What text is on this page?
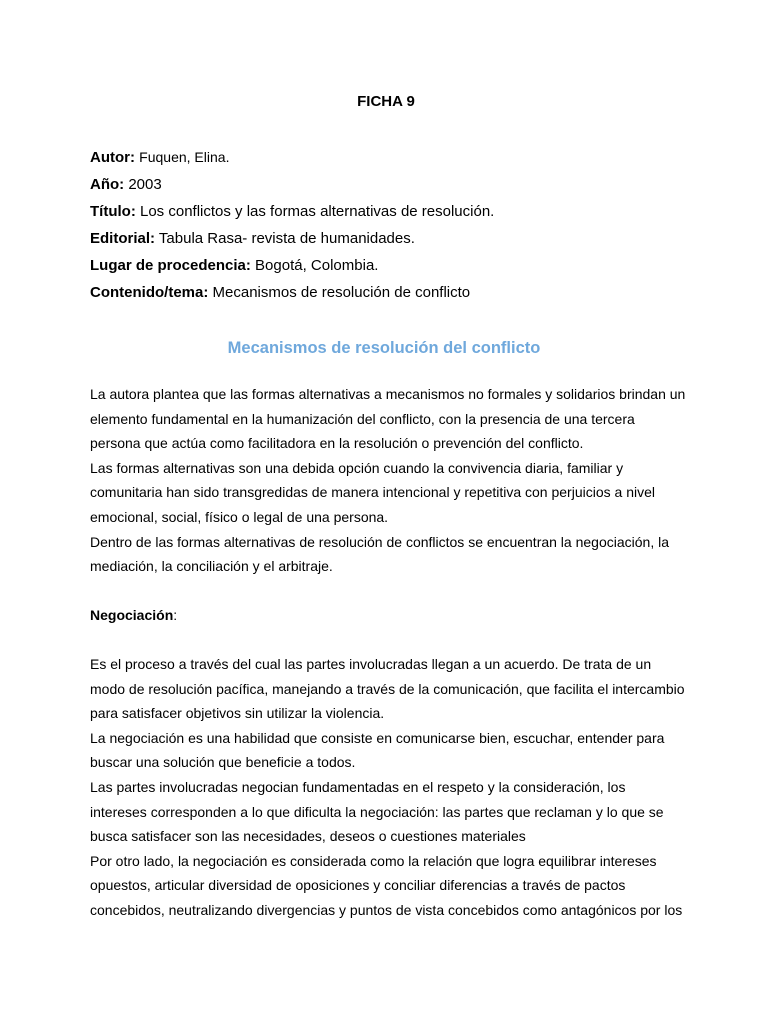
FICHA 9
Autor: Fuquen, Elina.
Año: 2003
Título: Los conflictos y las formas alternativas de resolución.
Editorial: Tabula Rasa- revista de humanidades.
Lugar de procedencia: Bogotá, Colombia.
Contenido/tema: Mecanismos de resolución de conflicto
Mecanismos de resolución del conflicto
La autora plantea que las formas alternativas a mecanismos no formales y solidarios brindan un
elemento fundamental en la humanización del conflicto, con la presencia de una tercera
persona que actúa como facilitadora en la resolución o prevención del conflicto.
Las formas alternativas son una debida opción cuando la convivencia diaria, familiar y
comunitaria han sido transgredidas de manera intencional y repetitiva con perjuicios a nivel
emocional, social, físico o legal de una persona.
Dentro de las formas alternativas de resolución de conflictos se encuentran la negociación, la
mediación, la conciliación y el arbitraje.
Negociación:
Es el proceso a través del cual las partes involucradas llegan a un acuerdo. De trata de un
modo de resolución pacífica, manejando a través de la comunicación, que facilita el intercambio
para satisfacer objetivos sin utilizar la violencia.
La negociación es una habilidad que consiste en comunicarse bien, escuchar, entender para
buscar una solución que beneficie a todos.
Las partes involucradas negocian fundamentadas en el respeto y la consideración, los
intereses corresponden a lo que dificulta la negociación: las partes que reclaman y lo que se
busca satisfacer son las necesidades, deseos o cuestiones materiales
Por otro lado, la negociación es considerada como la relación que logra equilibrar intereses
opuestos, articular diversidad de oposiciones y conciliar diferencias a través de pactos
concebidos, neutralizando divergencias y puntos de vista concebidos como antagónicos por los
